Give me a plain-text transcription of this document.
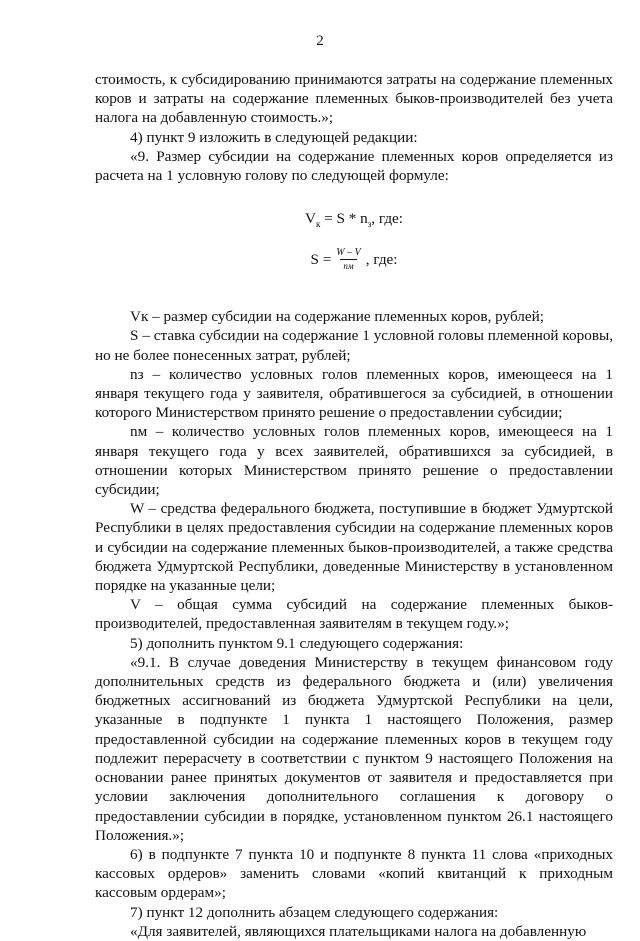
2

стоимость, к субсидированию принимаются затраты на содержание племенных коров и затраты на содержание племенных быков-производителей без учета налога на добавленную стоимость.»;

4) пункт 9 изложить в следующей редакции:

«9. Размер субсидии на содержание племенных коров определяется из расчета на 1 условную голову по следующей формуле:

$V_к = S * n_з$, где:
$S = \frac{W - V}{nм}$ , где:

Vк – размер субсидии на содержание племенных коров, рублей;

S – ставка субсидии на содержание 1 условной головы племенной коровы, но не более понесенных затрат, рублей;

nз – количество условных голов племенных коров, имеющееся на 1 января текущего года у заявителя, обратившегося за субсидией, в отношении которого Министерством принято решение о предоставлении субсидии;

nм – количество условных голов племенных коров, имеющееся на 1 января текущего года у всех заявителей, обратившихся за субсидией, в отношении которых Министерством принято решение о предоставлении субсидии;

W – средства федерального бюджета, поступившие в бюджет Удмуртской Республики в целях предоставления субсидии на содержание племенных коров и субсидии на содержание племенных быков-производителей, а также средства бюджета Удмуртской Республики, доведенные Министерству в установленном порядке на указанные цели;

V – общая сумма субсидий на содержание племенных быков-производителей, предоставленная заявителям в текущем году.»;

5) дополнить пунктом 9.1 следующего содержания:

«9.1. В случае доведения Министерству в текущем финансовом году дополнительных средств из федерального бюджета и (или) увеличения бюджетных ассигнований из бюджета Удмуртской Республики на цели, указанные в подпункте 1 пункта 1 настоящего Положения, размер предоставленной субсидии на содержание племенных коров в текущем году подлежит перерасчету в соответствии с пунктом 9 настоящего Положения на основании ранее принятых документов от заявителя и предоставляется при условии заключения дополнительного соглашения к договору о предоставлении субсидии в порядке, установленном пунктом 26.1 настоящего Положения.»;

6) в подпункте 7 пункта 10 и подпункте 8 пункта 11 слова «приходных кассовых ордеров» заменить словами «копий квитанций к приходным кассовым ордерам»;

7) пункт 12 дополнить абзацем следующего содержания:

«Для заявителей, являющихся плательщиками налога на добавленную
